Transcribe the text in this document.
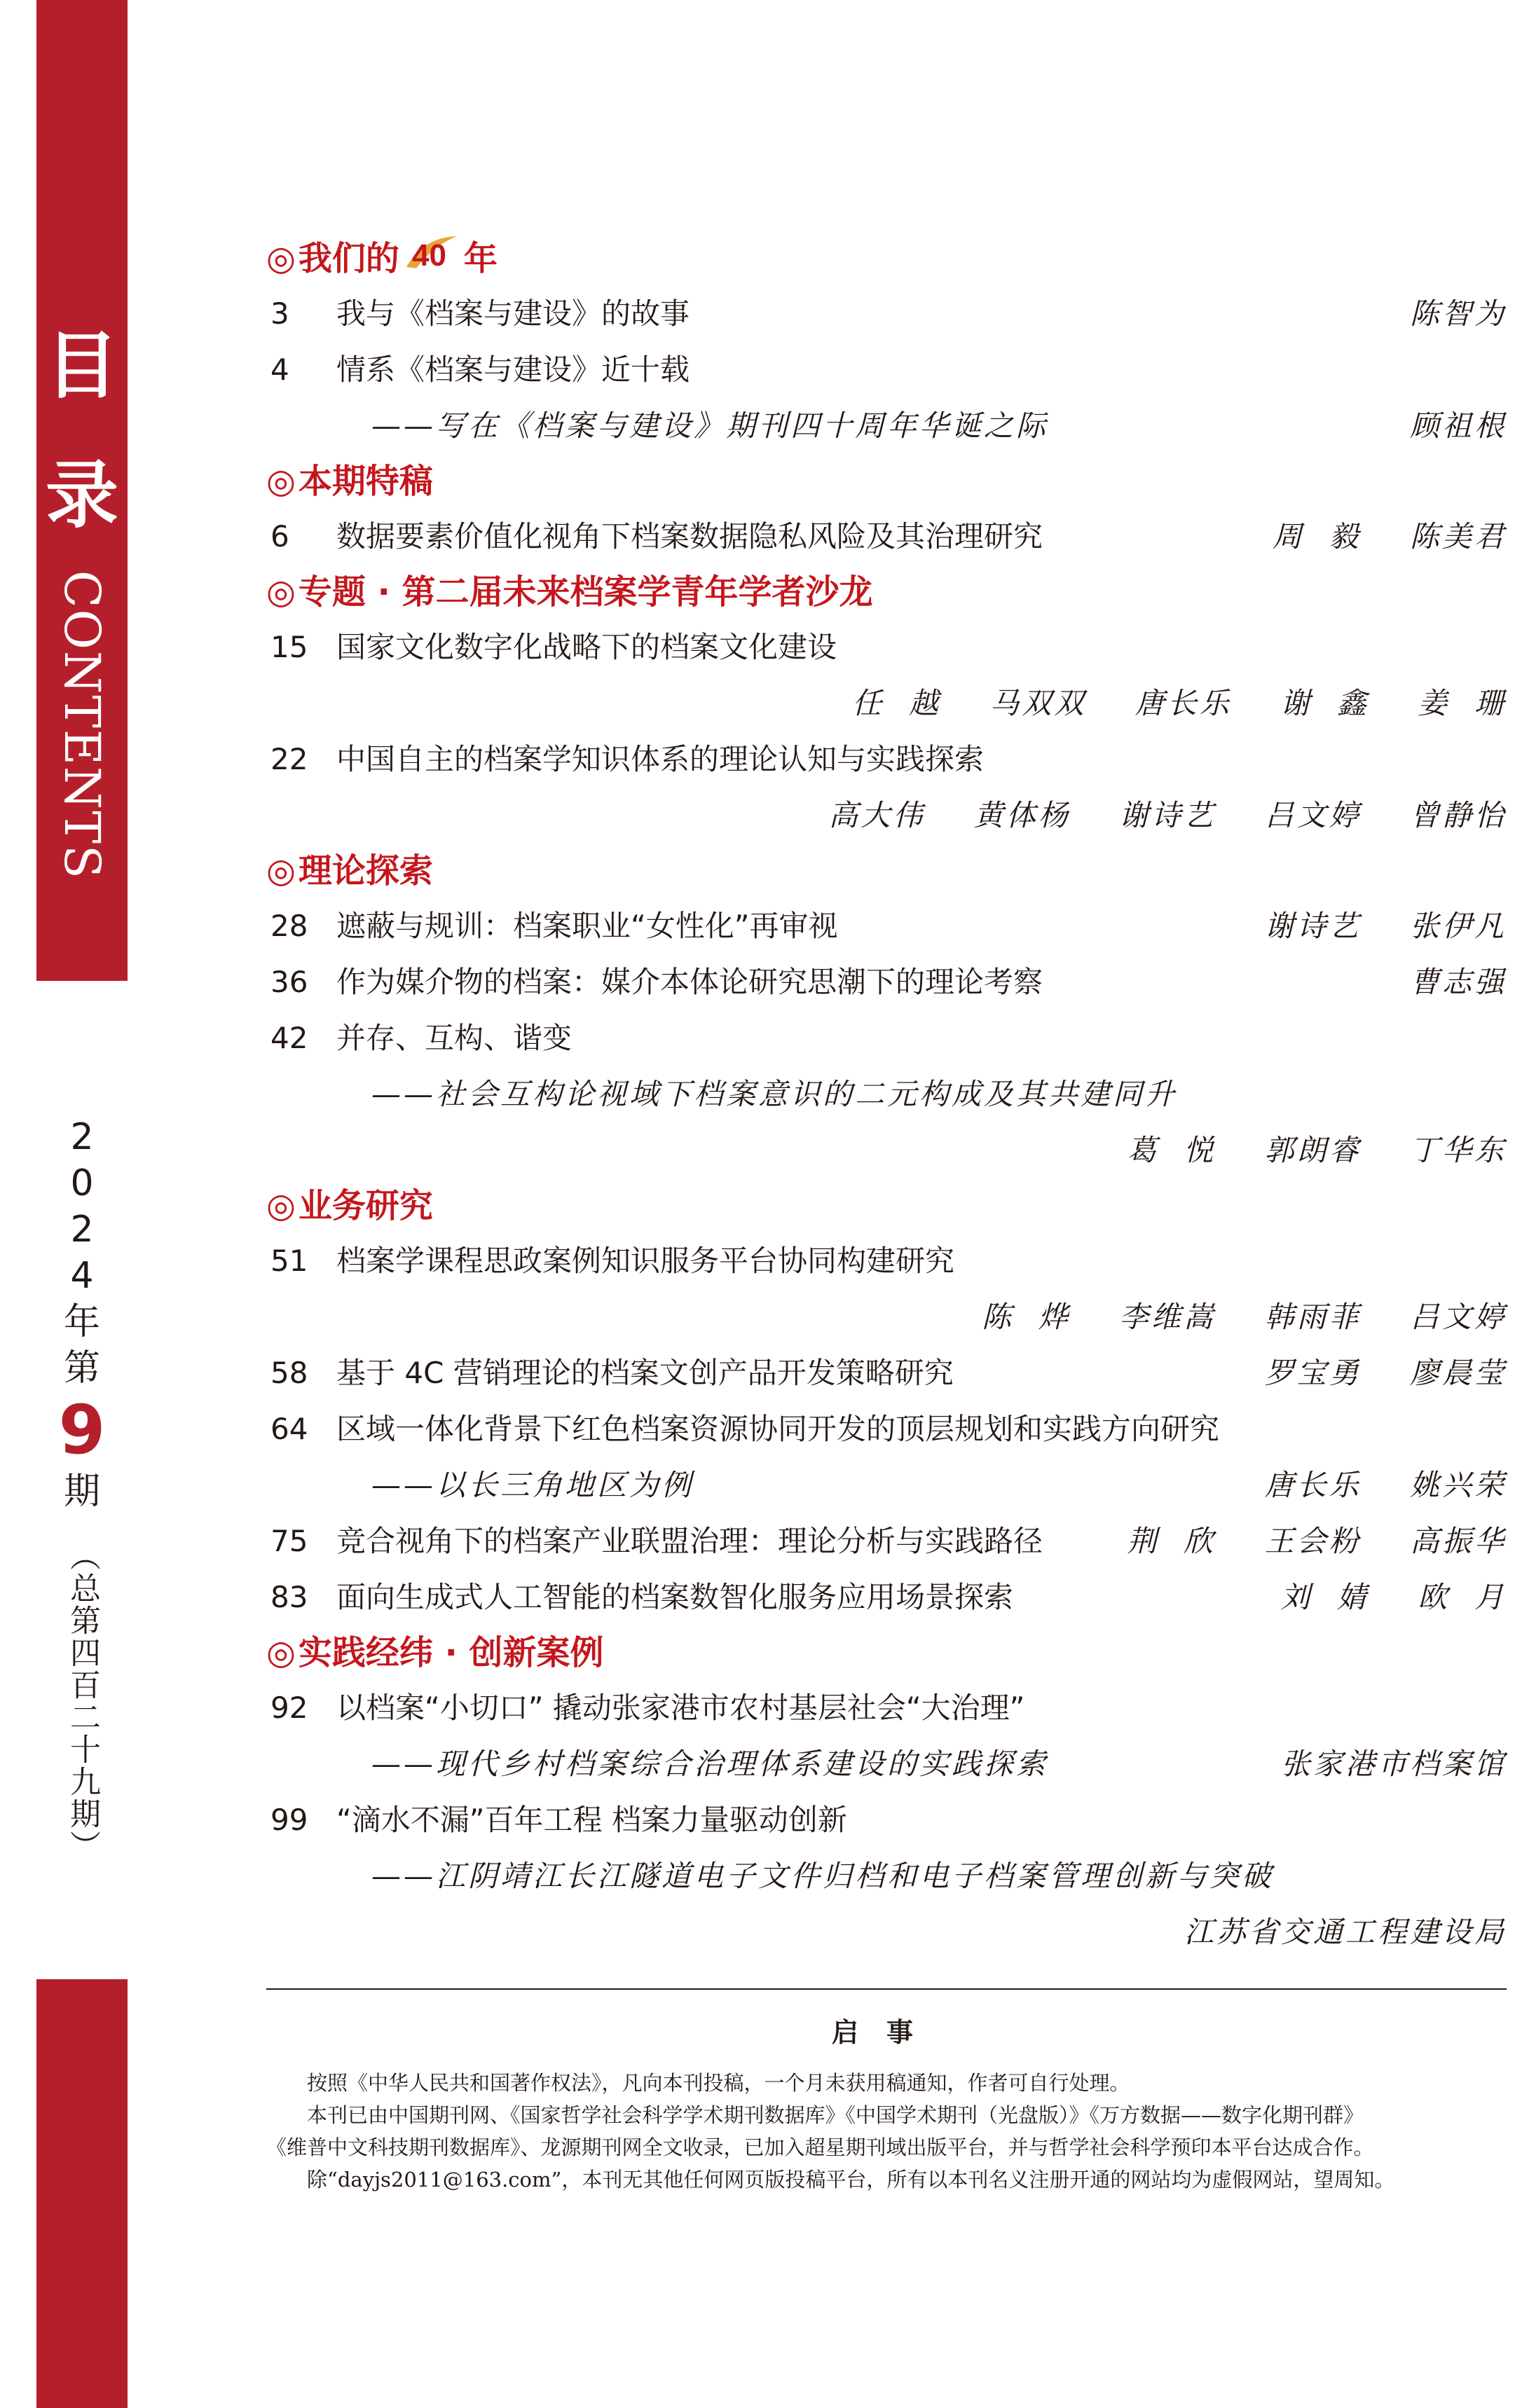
目
录
CONTENTS
2
0
2
4
年
第
9
期
（总第四百二十九期）
◎我们的 40 年
3 我与《档案与建设》的故事	陈智为
4 情系《档案与建设》近十载
——写在《档案与建设》期刊四十周年华诞之际	顾祖根
◎本期特稿
6 数据要素价值化视角下档案数据隐私风险及其治理研究	周  毅    陈美君
◎专题 · 第二届未来档案学青年学者沙龙
15 国家文化数字化战略下的档案文化建设
任  越    马双双    唐长乐    谢  鑫    姜  珊
22 中国自主的档案学知识体系的理论认知与实践探索
高大伟    黄体杨    谢诗艺    吕文婷    曾静怡
◎理论探索
28 遮蔽与规训：档案职业“女性化”再审视	谢诗艺    张伊凡
36 作为媒介物的档案：媒介本体论研究思潮下的理论考察	曹志强
42 并存、互构、谐变
——社会互构论视域下档案意识的二元构成及其共建同升
葛  悦    郭朗睿    丁华东
◎业务研究
51 档案学课程思政案例知识服务平台协同构建研究
陈  烨    李维嵩    韩雨菲    吕文婷
58 基于 4C 营销理论的档案文创产品开发策略研究	罗宝勇    廖晨莹
64 区域一体化背景下红色档案资源协同开发的顶层规划和实践方向研究
——以长三角地区为例	唐长乐    姚兴荣
75 竞合视角下的档案产业联盟治理：理论分析与实践路径	荆  欣    王会粉    高振华
83 面向生成式人工智能的档案数智化服务应用场景探索	刘  婧    欧  月
◎实践经纬 · 创新案例
92 以档案“小切口” 撬动张家港市农村基层社会“大治理”
——现代乡村档案综合治理体系建设的实践探索	张家港市档案馆
99 “滴水不漏”百年工程 档案力量驱动创新
——江阴靖江长江隧道电子文件归档和电子档案管理创新与突破
江苏省交通工程建设局
启事

　　按照《中华人民共和国著作权法》，凡向本刊投稿，一个月未获用稿通知，作者可自行处理。

　　本刊已由中国期刊网、《国家哲学社会科学学术期刊数据库》《中国学术期刊（光盘版）》《万方数据——数字化期刊群》

《维普中文科技期刊数据库》、龙源期刊网全文收录，已加入超星期刊域出版平台，并与哲学社会科学预印本平台达成合作。

　　除“dayjs2011@163.com”，本刊无其他任何网页版投稿平台，所有以本刊名义注册开通的网站均为虚假网站，望周知。
